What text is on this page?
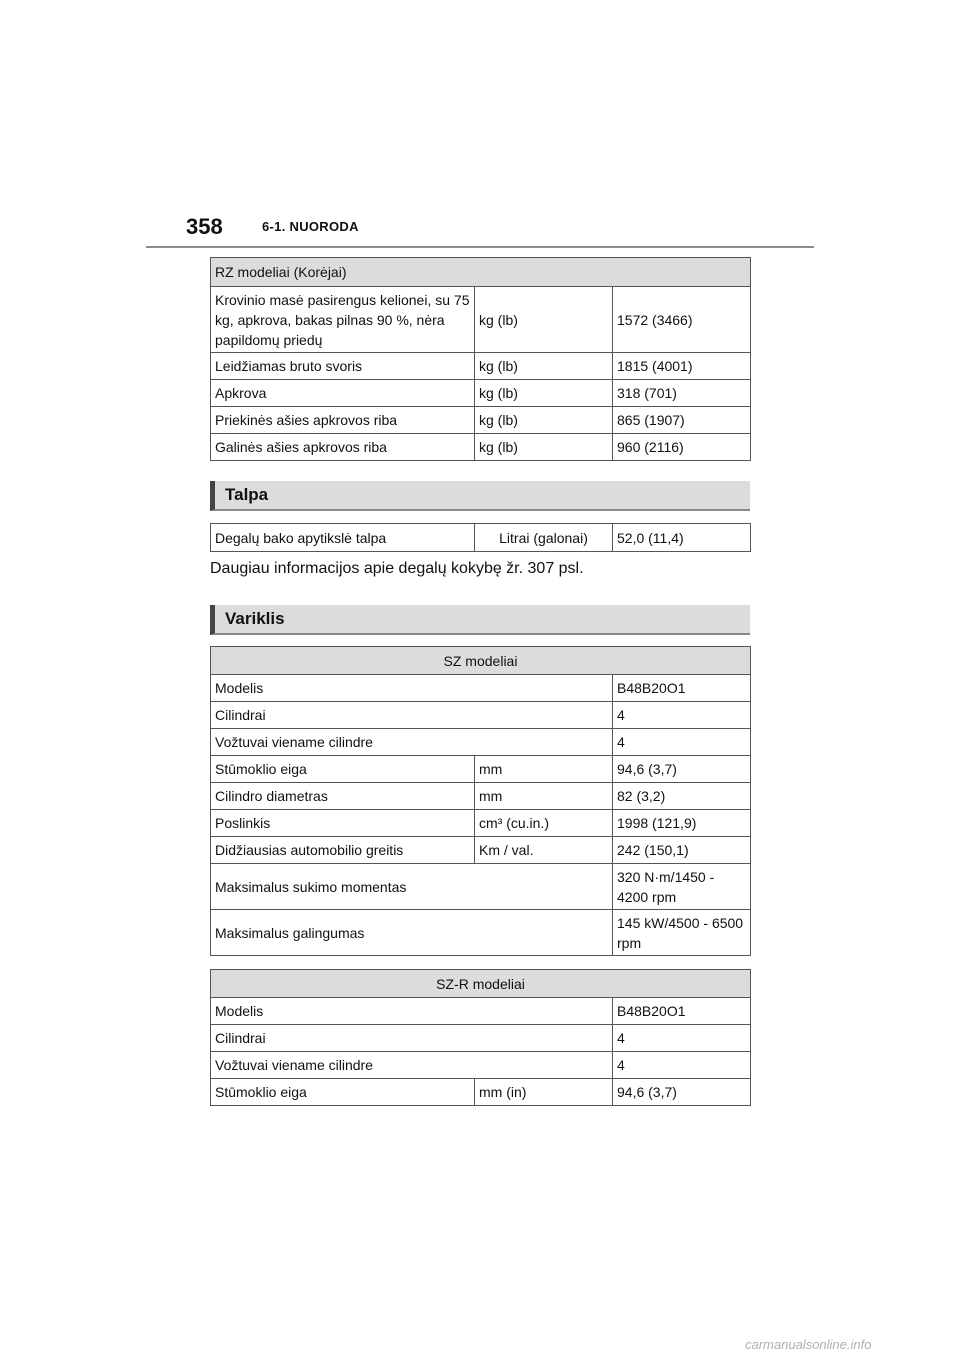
358	6-1. NUORODA
RZ modeliai (Korėjai)		
Krovinio masė pasirengus kelionei, su 75 kg, apkrova, bakas pilnas 90 %, nėra papildomų priedų	kg (lb)	1572 (3466)
Leidžiamas bruto svoris	kg (lb)	1815 (4001)
Apkrova	kg (lb)	318 (701)
Priekinės ašies apkrovos riba	kg (lb)	865 (1907)
Galinės ašies apkrovos riba	kg (lb)	960 (2116)
Talpa
Degalų bako apytikslė talpa	Litrai (galonai)	52,0 (11,4)
Daugiau informacijos apie degalų kokybę žr. 307 psl.
Variklis
SZ modeliai		
Modelis		B48B20O1
Cilindrai		4
Vožtuvai viename cilindre		4
Stūmoklio eiga	mm	94,6 (3,7)
Cilindro diametras	mm	82 (3,2)
Poslinkis	cm³ (cu.in.)	1998 (121,9)
Didžiausias automobilio greitis	Km / val.	242 (150,1)
Maksimalus sukimo momentas		320 N·m/1450 - 4200 rpm
Maksimalus galingumas		145 kW/4500 - 6500 rpm
SZ-R modeliai		
Modelis		B48B20O1
Cilindrai		4
Vožtuvai viename cilindre		4
Stūmoklio eiga	mm (in)	94,6 (3,7)
carmanualsonline.info
